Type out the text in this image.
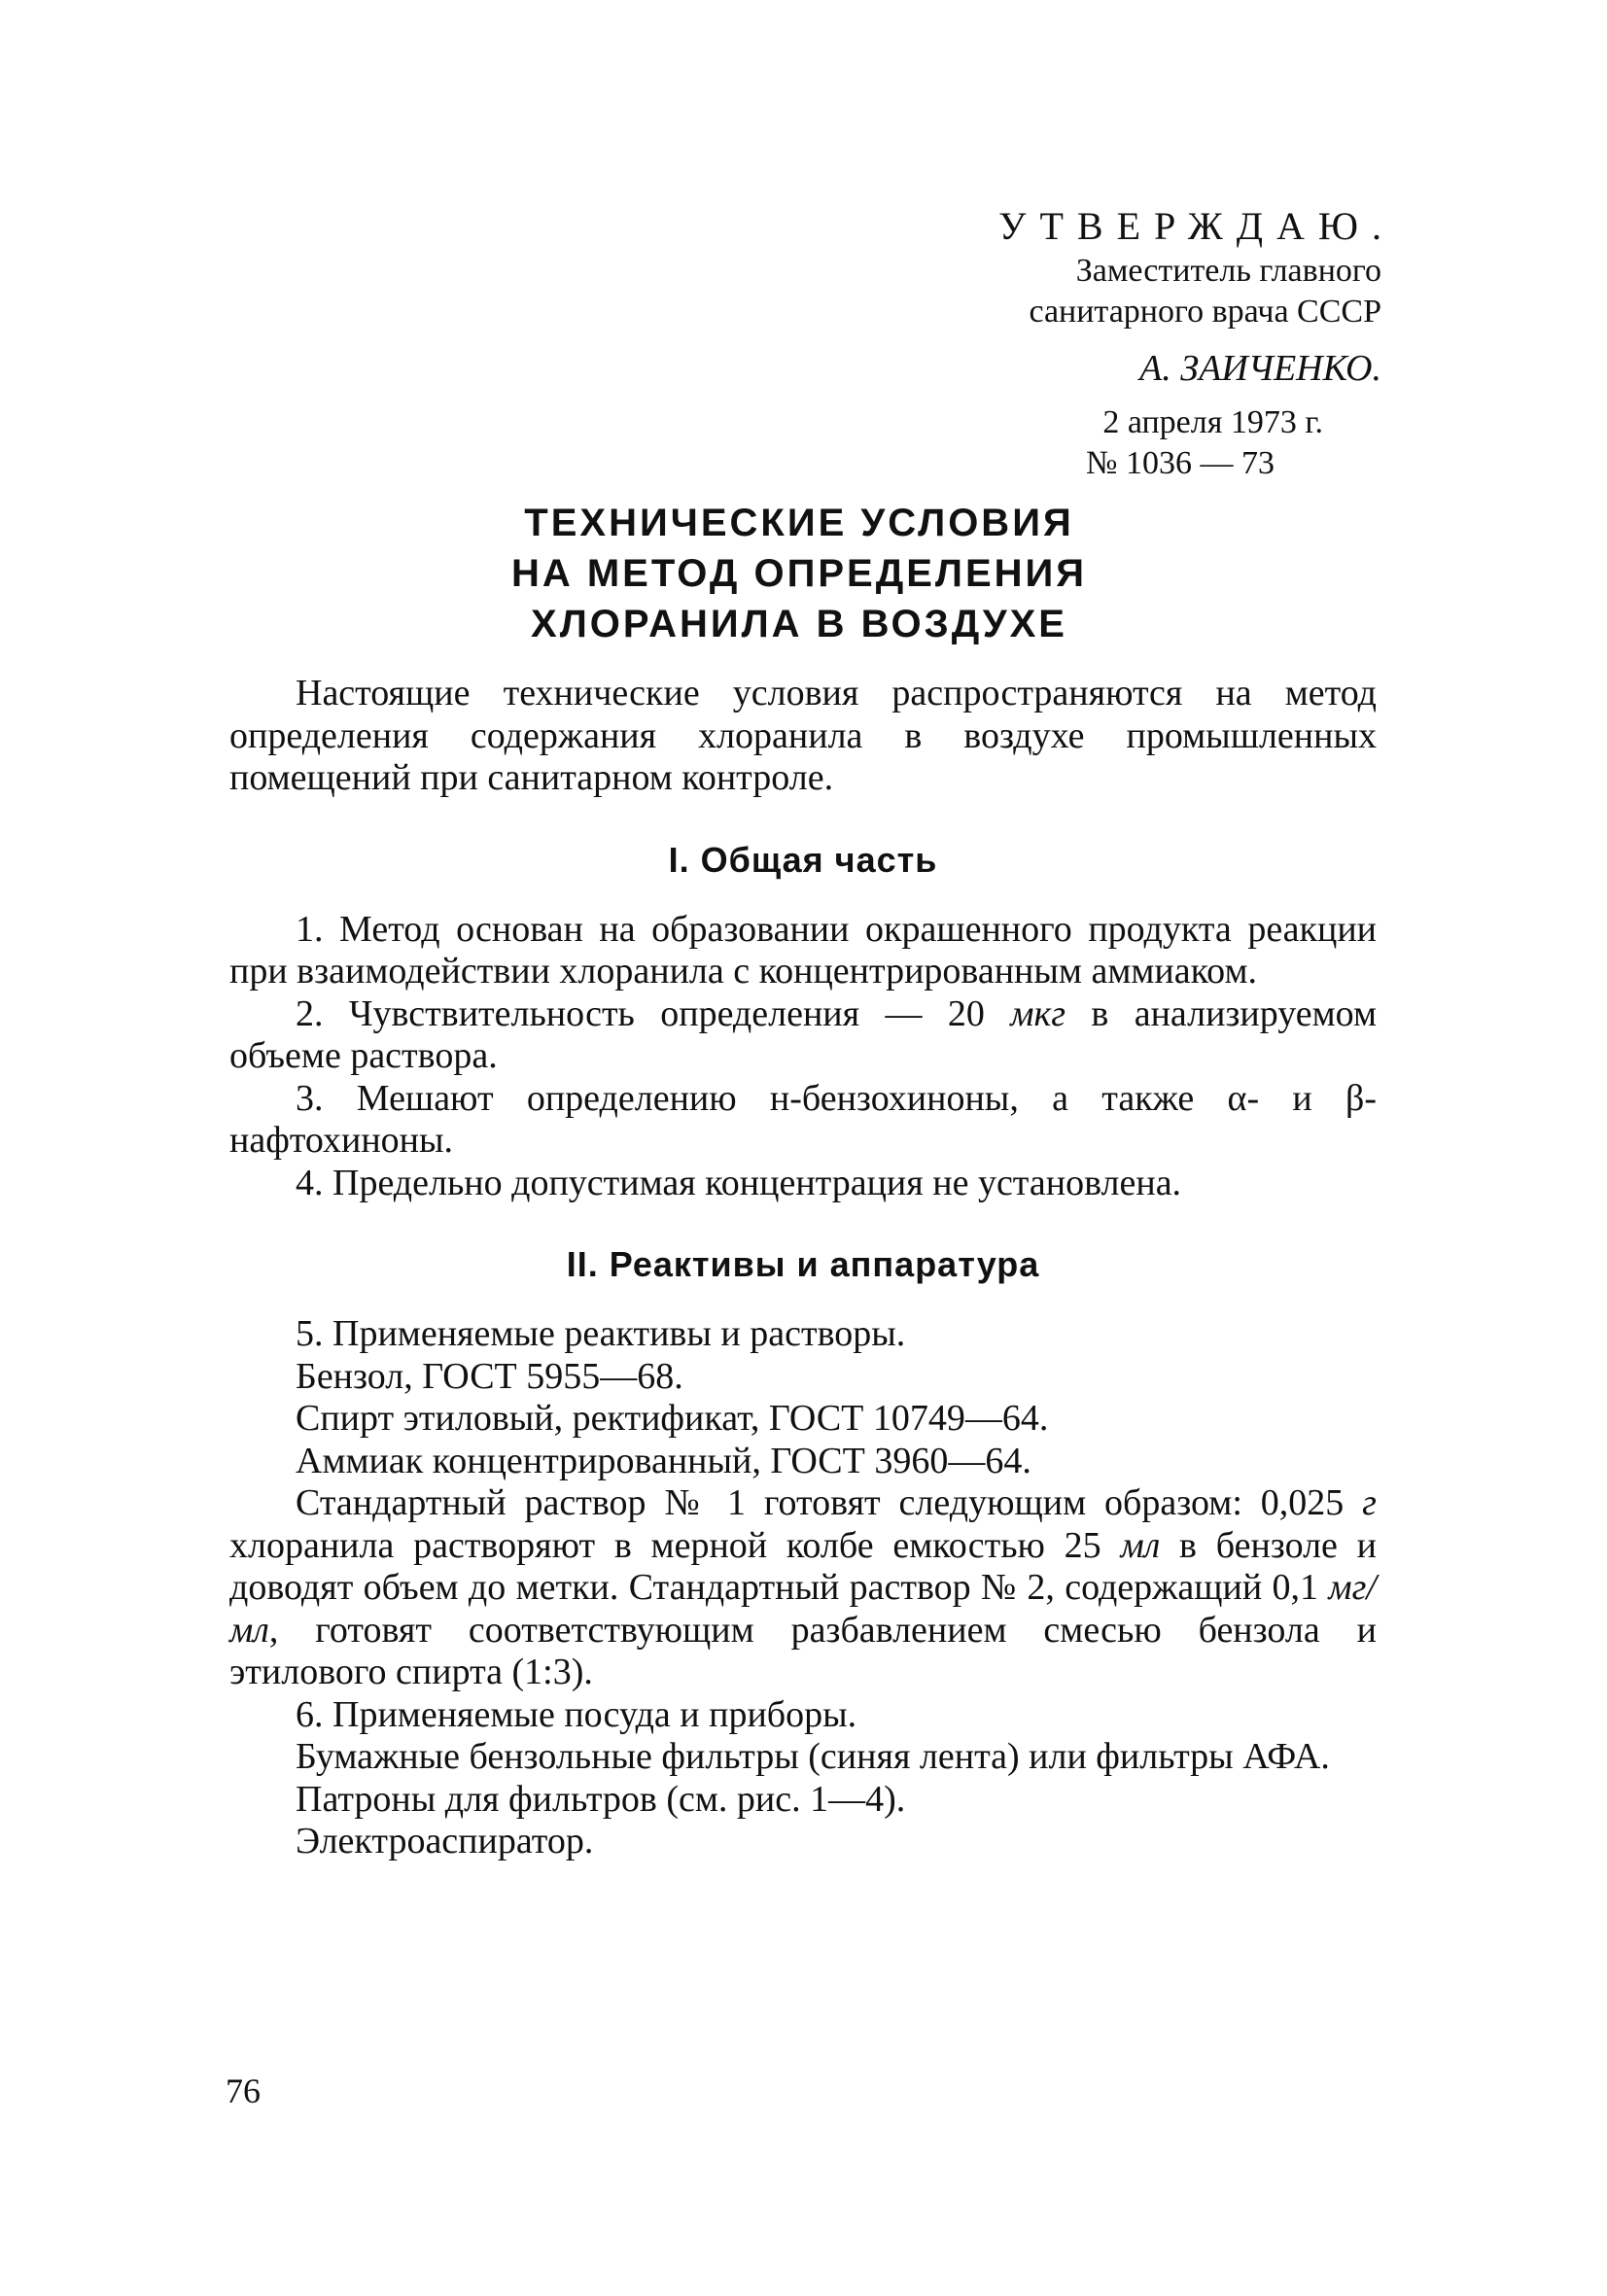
УТВЕРЖДАЮ.
Заместитель главного
санитарного врача СССР
А. ЗАИЧЕНКО.
2 апреля 1973 г.
№ 1036 — 73
ТЕХНИЧЕСКИЕ УСЛОВИЯ
НА МЕТОД ОПРЕДЕЛЕНИЯ
ХЛОРАНИЛА В ВОЗДУХЕ

Настоящие технические условия распространяются на метод определения содержания хлоранила в воздухе промышленных помещений при санитарном контроле.

I. Общая часть

1. Метод основан на образовании окрашенного продукта реакции при взаимодействии хлоранила с концентрированным аммиаком.

2. Чувствительность определения — 20 мкг в анализируемом объеме раствора.

3. Мешают определению н-бензохиноны, а также α- и β-нафтохиноны.

4. Предельно допустимая концентрация не установлена.

II. Реактивы и аппаратура

5. Применяемые реактивы и растворы.

Бензол, ГОСТ 5955—68.

Спирт этиловый, ректификат, ГОСТ 10749—64.

Аммиак концентрированный, ГОСТ 3960—64.

Стандартный раствор № 1 готовят следующим образом: 0,025 г хлоранила растворяют в мерной колбе емкостью 25 мл в бензоле и доводят объем до метки. Стандартный раствор № 2, содержащий 0,1 мг/мл, готовят соответствующим разбавлением смесью бензола и этилового спирта (1:3).

6. Применяемые посуда и приборы.

Бумажные бензольные фильтры (синяя лента) или фильтры АФА.

Патроны для фильтров (см. рис. 1—4).

Электроаспиратор.

76
